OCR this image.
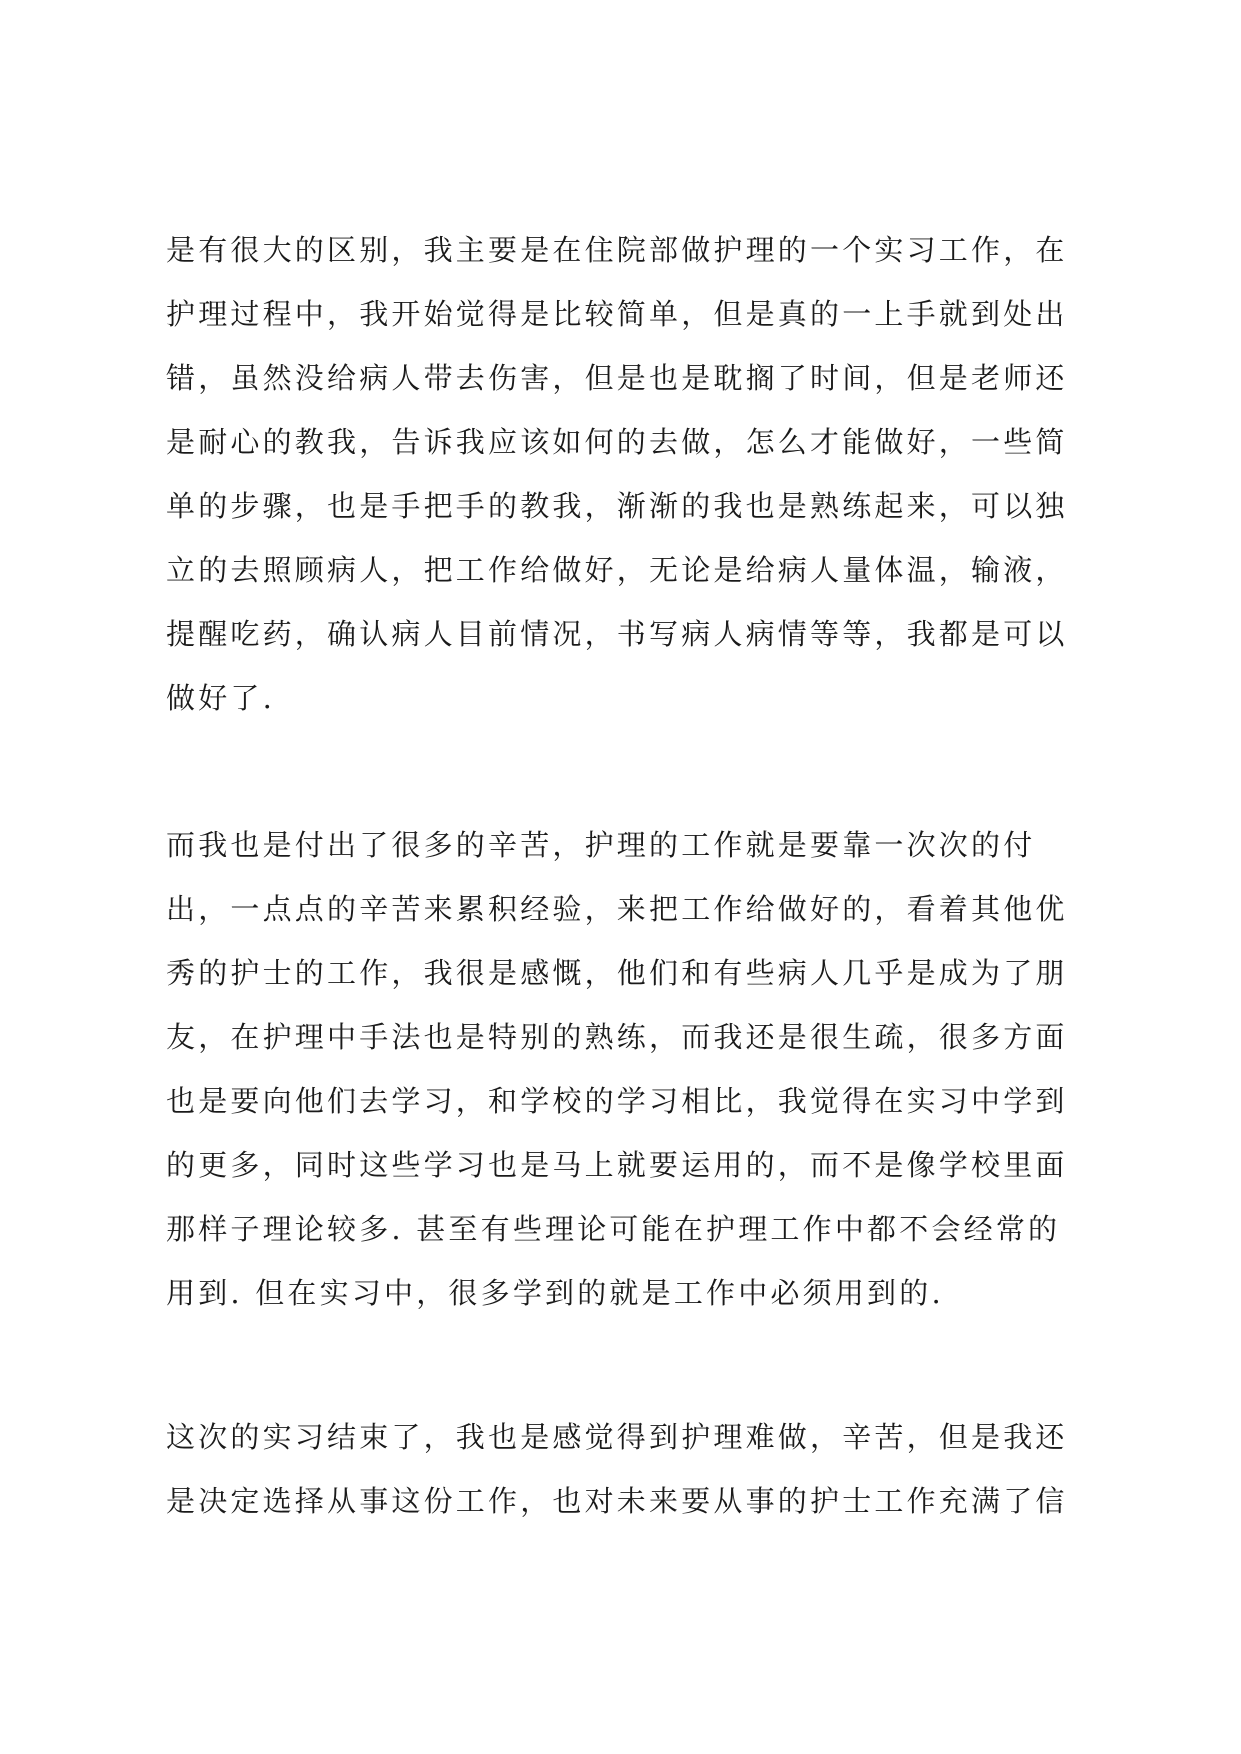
是有很大的区别，我主要是在住院部做护理的一个实习工作，在
护理过程中，我开始觉得是比较简单，但是真的一上手就到处出
错，虽然没给病人带去伤害，但是也是耽搁了时间，但是老师还
是耐心的教我，告诉我应该如何的去做，怎么才能做好，一些简
单的步骤，也是手把手的教我，渐渐的我也是熟练起来，可以独
立的去照顾病人，把工作给做好，无论是给病人量体温，输液，
提醒吃药，确认病人目前情况，书写病人病情等等，我都是可以
做好了.
而我也是付出了很多的辛苦，护理的工作就是要靠一次次的付
出，一点点的辛苦来累积经验，来把工作给做好的，看着其他优
秀的护士的工作，我很是感慨，他们和有些病人几乎是成为了朋
友，在护理中手法也是特别的熟练，而我还是很生疏，很多方面
也是要向他们去学习，和学校的学习相比，我觉得在实习中学到
的更多，同时这些学习也是马上就要运用的，而不是像学校里面
那样子理论较多. 甚至有些理论可能在护理工作中都不会经常的
用到. 但在实习中，很多学到的就是工作中必须用到的.
这次的实习结束了，我也是感觉得到护理难做，辛苦，但是我还
是决定选择从事这份工作，也对未来要从事的护士工作充满了信
